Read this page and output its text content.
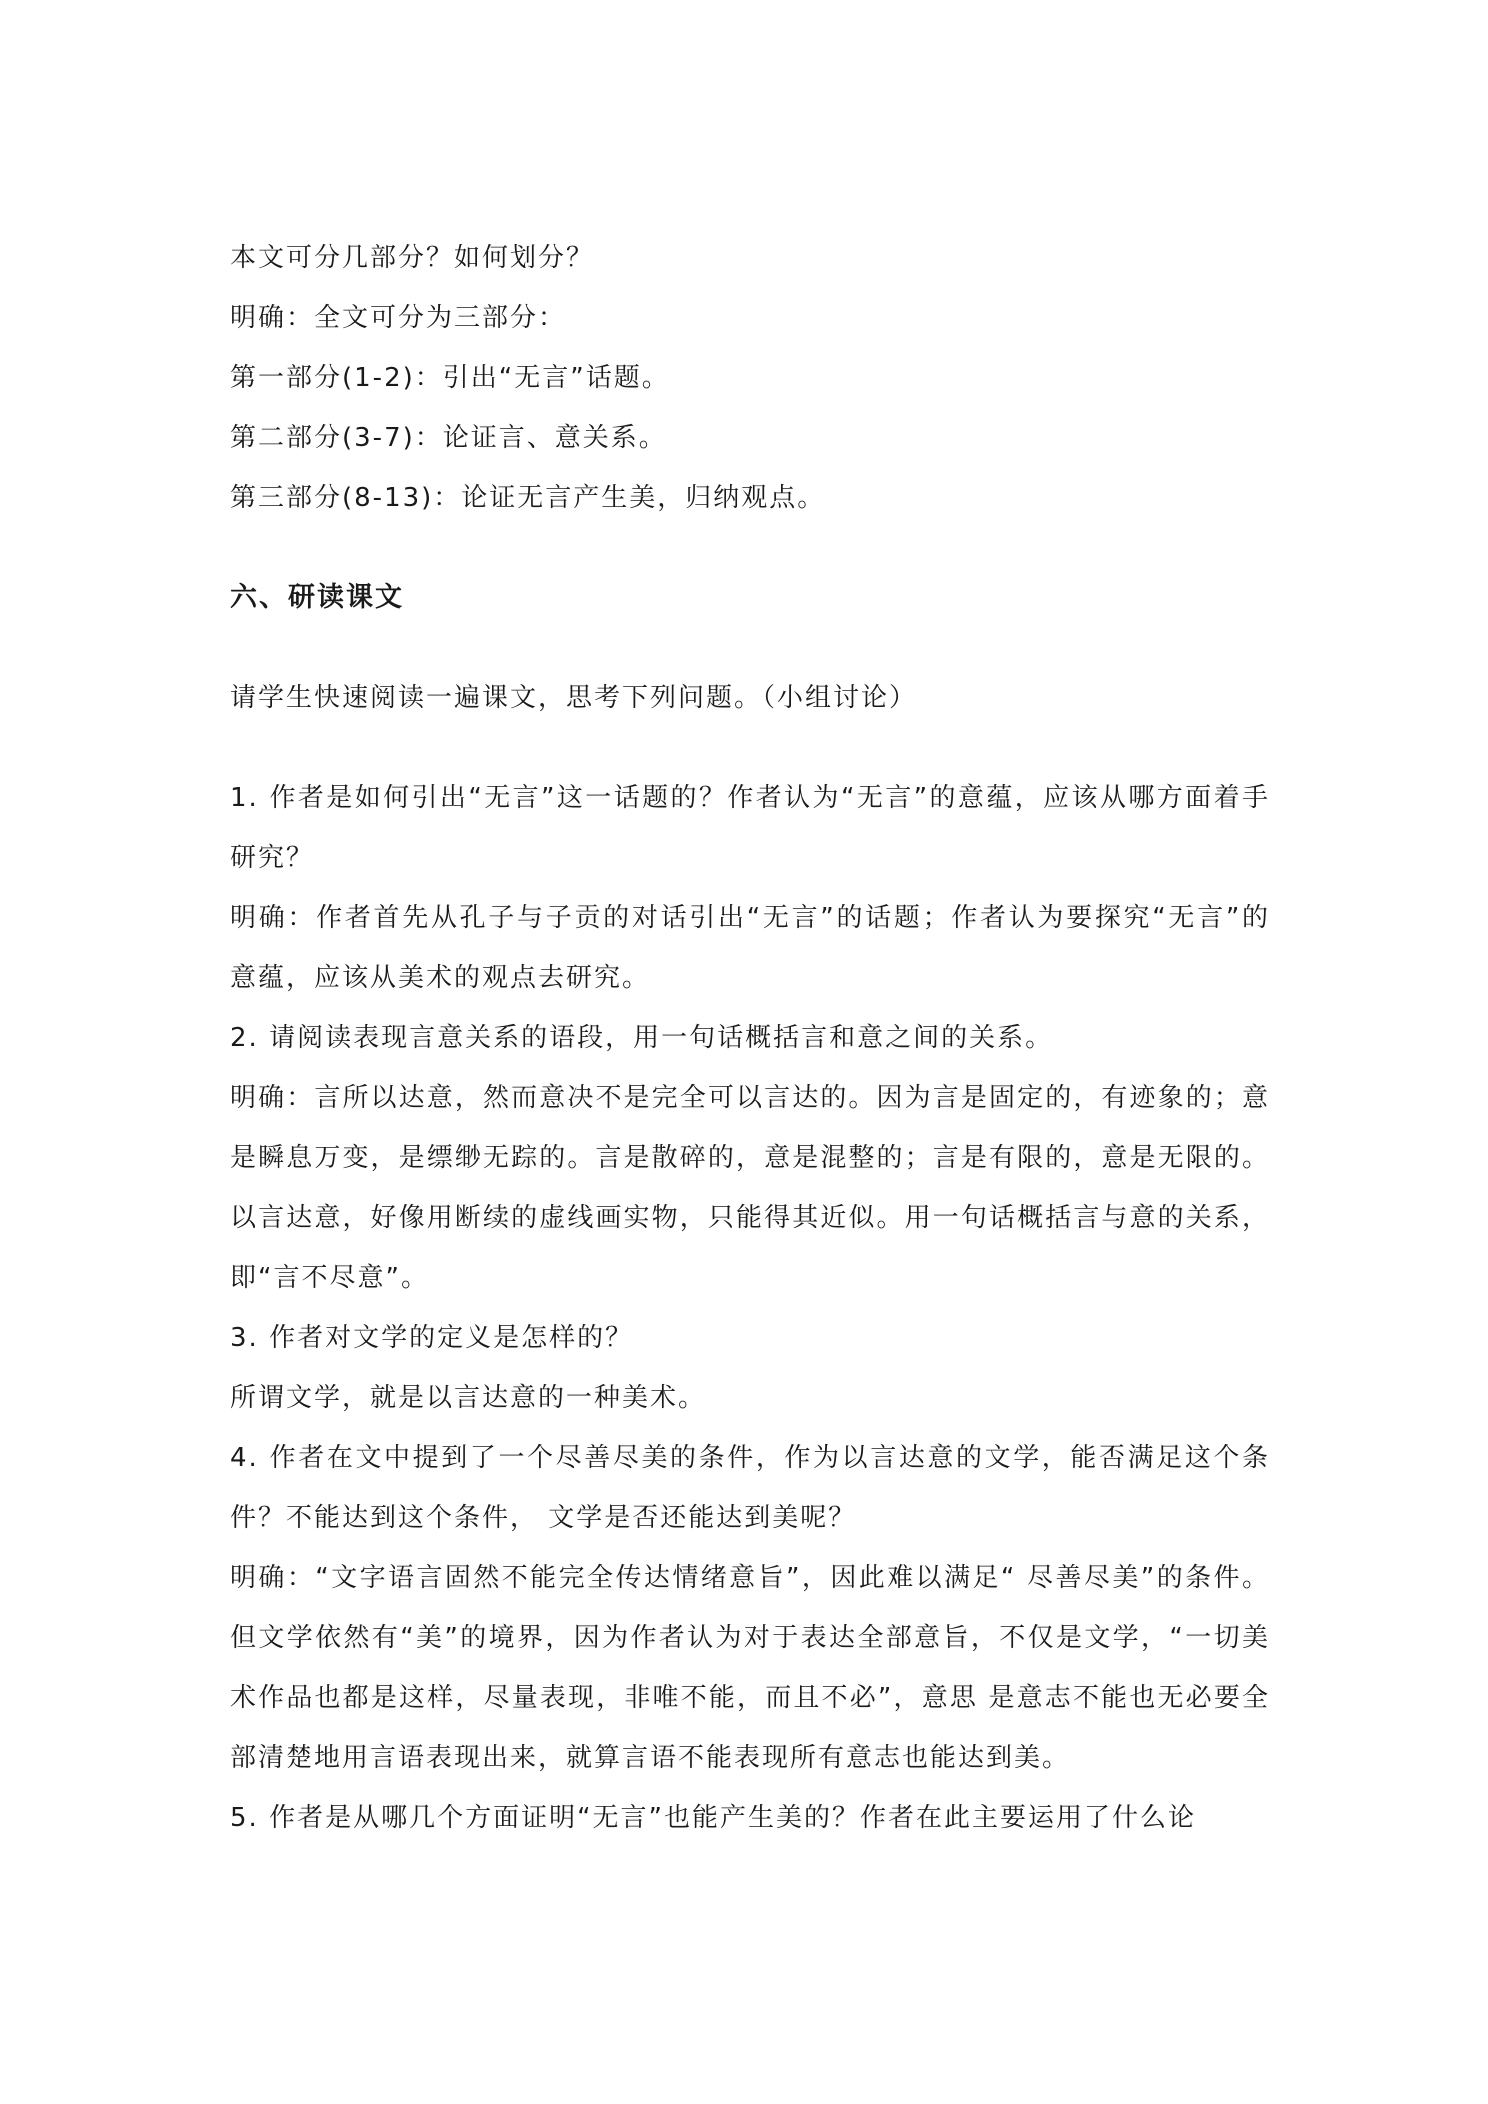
本文可分几部分？如何划分？

明确：全文可分为三部分：

第一部分(1-2)：引出“无言”话题。

第二部分(3-7)：论证言、意关系。

第三部分(8-13)：论证无言产生美，归纳观点。

六、研读课文

请学生快速阅读一遍课文，思考下列问题。（小组讨论）

1. 作者是如何引出“无言”这一话题的？作者认为“无言”的意蕴，应该从哪方面着手研究？

明确：作者首先从孔子与子贡的对话引出“无言”的话题；作者认为要探究“无言”的意蕴，应该从美术的观点去研究。

2. 请阅读表现言意关系的语段，用一句话概括言和意之间的关系。

明确：言所以达意，然而意决不是完全可以言达的。因为言是固定的，有迹象的；意是瞬息万变，是缥缈无踪的。言是散碎的，意是混整的；言是有限的，意是无限的。以言达意，好像用断续的虚线画实物，只能得其近似。用一句话概括言与意的关系，即“言不尽意”。

3. 作者对文学的定义是怎样的？

所谓文学，就是以言达意的一种美术。

4. 作者在文中提到了一个尽善尽美的条件，作为以言达意的文学，能否满足这个条件？不能达到这个条件， 文学是否还能达到美呢？

明确：“文字语言固然不能完全传达情绪意旨”，因此难以满足“ 尽善尽美”的条件。但文学依然有“美”的境界，因为作者认为对于表达全部意旨，不仅是文学，“一切美术作品也都是这样，尽量表现，非唯不能，而且不必”，意思 是意志不能也无必要全部清楚地用言语表现出来，就算言语不能表现所有意志也能达到美。

5. 作者是从哪几个方面证明“无言”也能产生美的？作者在此主要运用了什么论
